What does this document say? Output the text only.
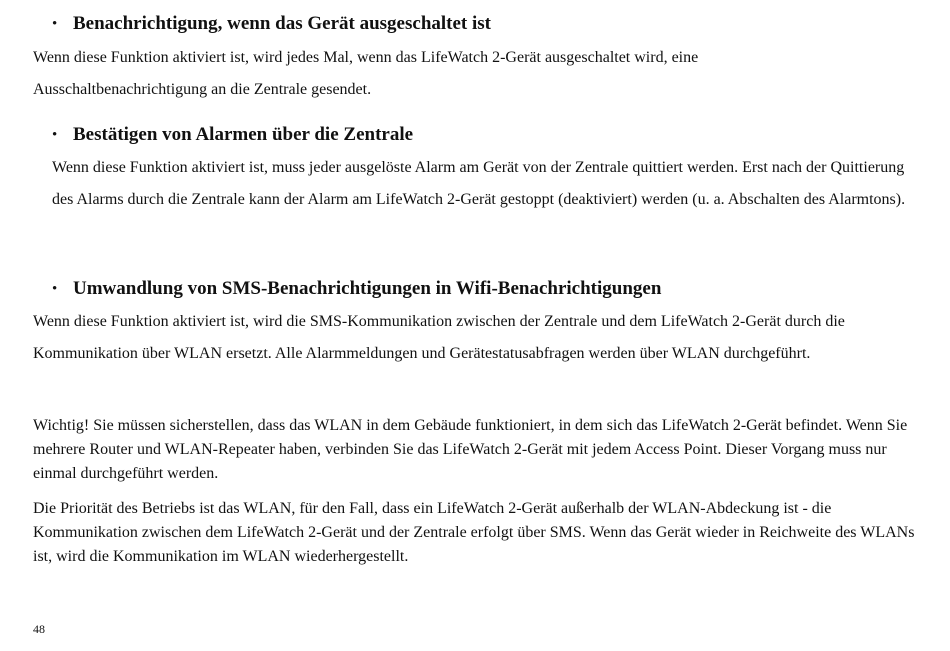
• Benachrichtigung, wenn das Gerät ausgeschaltet ist

Wenn diese Funktion aktiviert ist, wird jedes Mal, wenn das LifeWatch 2-Gerät ausgeschaltet wird, eine Ausschaltbenachrichtigung an die Zentrale gesendet.

• Bestätigen von Alarmen über die Zentrale

Wenn diese Funktion aktiviert ist, muss jeder ausgelöste Alarm am Gerät von der Zentrale quittiert werden. Erst nach der Quittierung des Alarms durch die Zentrale kann der Alarm am LifeWatch 2-Gerät gestoppt (deaktiviert) werden (u. a. Abschalten des Alarmtons).

• Umwandlung von SMS-Benachrichtigungen in Wifi-Benachrichtigungen

Wenn diese Funktion aktiviert ist, wird die SMS-Kommunikation zwischen der Zentrale und dem LifeWatch 2-Gerät durch die Kommunikation über WLAN ersetzt. Alle Alarmmeldungen und Gerätestatusabfragen werden über WLAN durchgeführt.

Wichtig! Sie müssen sicherstellen, dass das WLAN in dem Gebäude funktioniert, in dem sich das LifeWatch 2-Gerät befindet. Wenn Sie mehrere Router und WLAN-Repeater haben, verbinden Sie das LifeWatch 2-Gerät mit jedem Access Point. Dieser Vorgang muss nur einmal durchgeführt werden.

Die Priorität des Betriebs ist das WLAN, für den Fall, dass ein LifeWatch 2-Gerät außerhalb der WLAN-Abdeckung ist - die Kommunikation zwischen dem LifeWatch 2-Gerät und der Zentrale erfolgt über SMS. Wenn das Gerät wieder in Reichweite des WLANs ist, wird die Kommunikation im WLAN wiederhergestellt.

48
